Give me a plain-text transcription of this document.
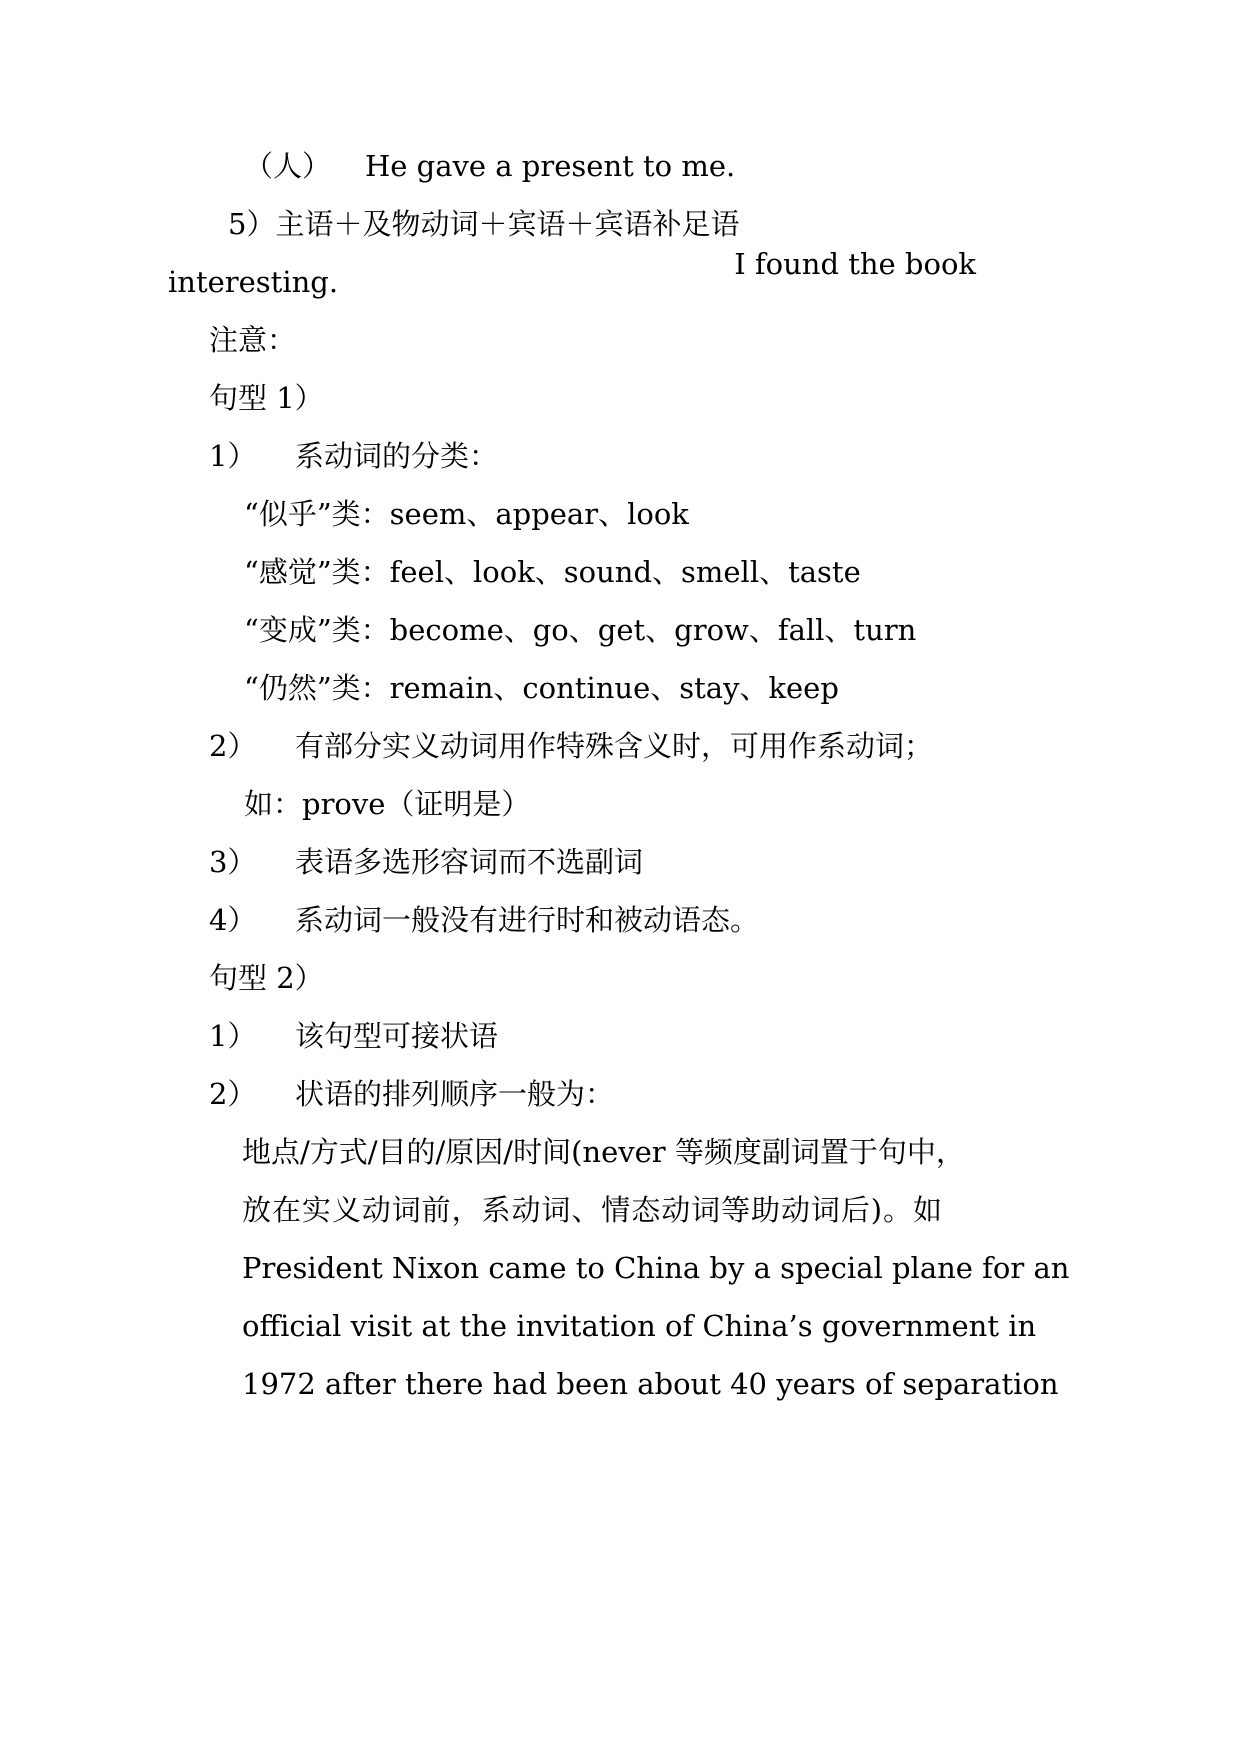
（人） He gave a present to me.
5）主语＋及物动词＋宾语＋宾语补足语
I found the book
interesting.
注意：
句型 1）
1） 系动词的分类：
“似乎”类：seem、appear、look
“感觉”类：feel、look、sound、smell、taste
“变成”类：become、go、get、grow、fall、turn
“仍然”类：remain、continue、stay、keep
2） 有部分实义动词用作特殊含义时，可用作系动词；
如：prove（证明是）
3） 表语多选形容词而不选副词
4） 系动词一般没有进行时和被动语态。
句型 2）
1） 该句型可接状语
2） 状语的排列顺序一般为：
地点/方式/目的/原因/时间(never 等频度副词置于句中，
放在实义动词前，系动词、情态动词等助动词后)。如
President Nixon came to China by a special plane for an
official visit at the invitation of China’s government in
1972 after there had been about 40 years of separation
